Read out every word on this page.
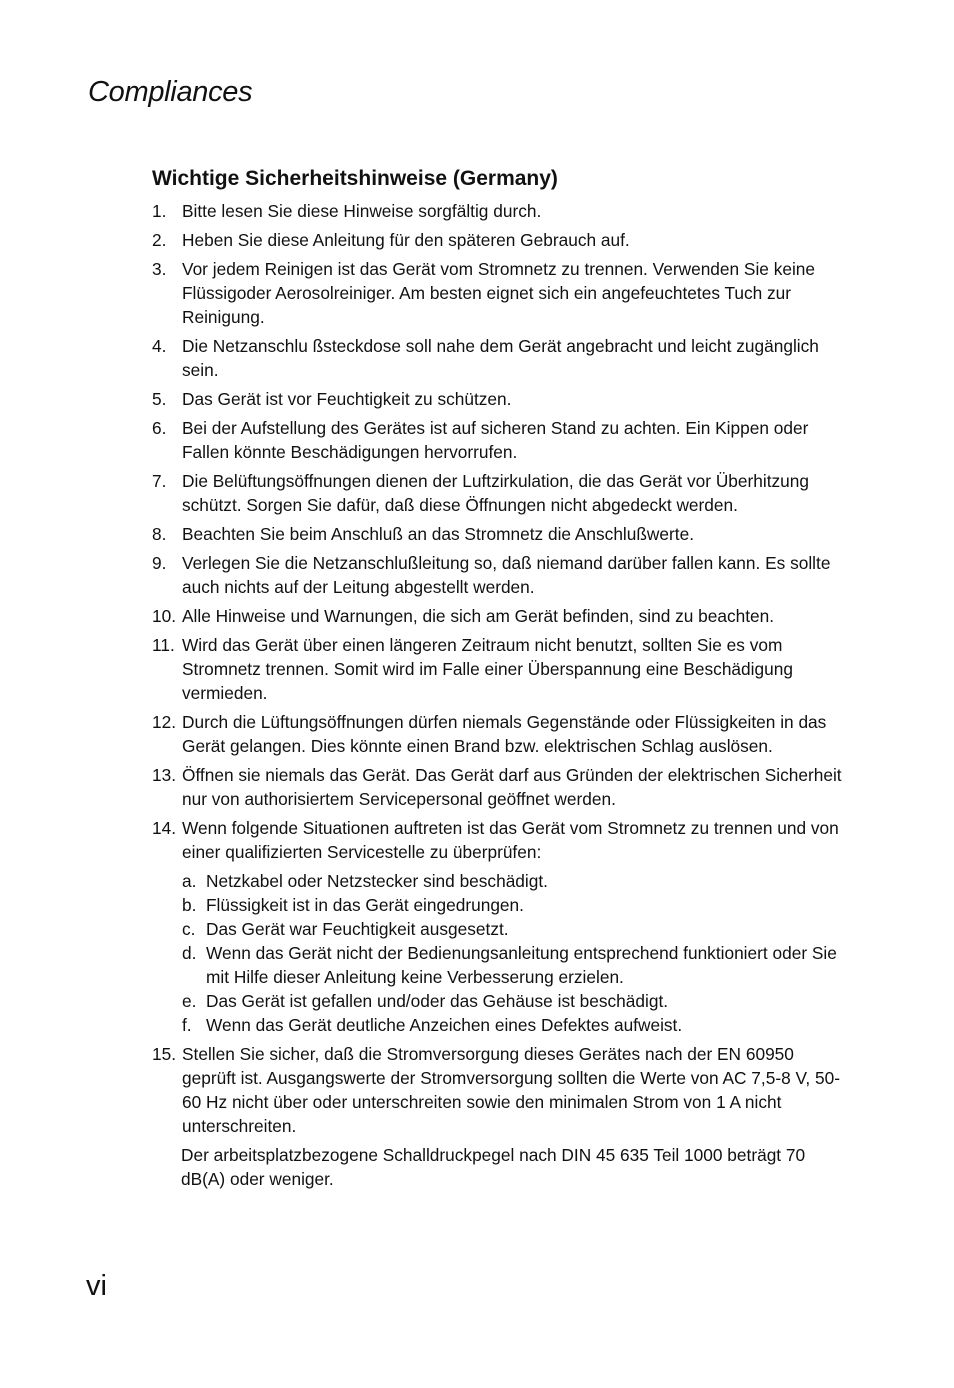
Compliances
Wichtige Sicherheitshinweise (Germany)
1. Bitte lesen Sie diese Hinweise sorgfältig durch.
2. Heben Sie diese Anleitung für den späteren Gebrauch auf.
3. Vor jedem Reinigen ist das Gerät vom Stromnetz zu trennen. Verwenden Sie keine Flüssigoder Aerosolreiniger. Am besten eignet sich ein angefeuchtetes Tuch zur Reinigung.
4. Die Netzanschlu ßsteckdose soll nahe dem Gerät angebracht und leicht zugänglich sein.
5. Das Gerät ist vor Feuchtigkeit zu schützen.
6. Bei der Aufstellung des Gerätes ist auf sicheren Stand zu achten. Ein Kippen oder Fallen könnte Beschädigungen hervorrufen.
7. Die Belüftungsöffnungen dienen der Luftzirkulation, die das Gerät vor Überhitzung schützt. Sorgen Sie dafür, daß diese Öffnungen nicht abgedeckt werden.
8. Beachten Sie beim Anschluß an das Stromnetz die Anschlußwerte.
9. Verlegen Sie die Netzanschlußleitung so, daß niemand darüber fallen kann. Es sollte auch nichts auf der Leitung abgestellt werden.
10. Alle Hinweise und Warnungen, die sich am Gerät befinden, sind zu beachten.
11. Wird das Gerät über einen längeren Zeitraum nicht benutzt, sollten Sie es vom Stromnetz trennen. Somit wird im Falle einer Überspannung eine Beschädigung vermieden.
12. Durch die Lüftungsöffnungen dürfen niemals Gegenstände oder Flüssigkeiten in das Gerät gelangen. Dies könnte einen Brand bzw. elektrischen Schlag auslösen.
13. Öffnen sie niemals das Gerät. Das Gerät darf aus Gründen der elektrischen Sicherheit nur von authorisiertem Servicepersonal geöffnet werden.
14. Wenn folgende Situationen auftreten ist das Gerät vom Stromnetz zu trennen und von einer qualifizierten Servicestelle zu überprüfen:
a. Netzkabel oder Netzstecker sind beschädigt.
b. Flüssigkeit ist in das Gerät eingedrungen.
c. Das Gerät war Feuchtigkeit ausgesetzt.
d. Wenn das Gerät nicht der Bedienungsanleitung entsprechend funktioniert oder Sie mit Hilfe dieser Anleitung keine Verbesserung erzielen.
e. Das Gerät ist gefallen und/oder das Gehäuse ist beschädigt.
f. Wenn das Gerät deutliche Anzeichen eines Defektes aufweist.
15. Stellen Sie sicher, daß die Stromversorgung dieses Gerätes nach der EN 60950 geprüft ist. Ausgangswerte der Stromversorgung sollten die Werte von AC 7,5-8 V, 50-60 Hz nicht über oder unterschreiten sowie den minimalen Strom von 1 A nicht unterschreiten.
Der arbeitsplatzbezogene Schalldruckpegel nach DIN 45 635 Teil 1000 beträgt 70 dB(A) oder weniger.
vi
